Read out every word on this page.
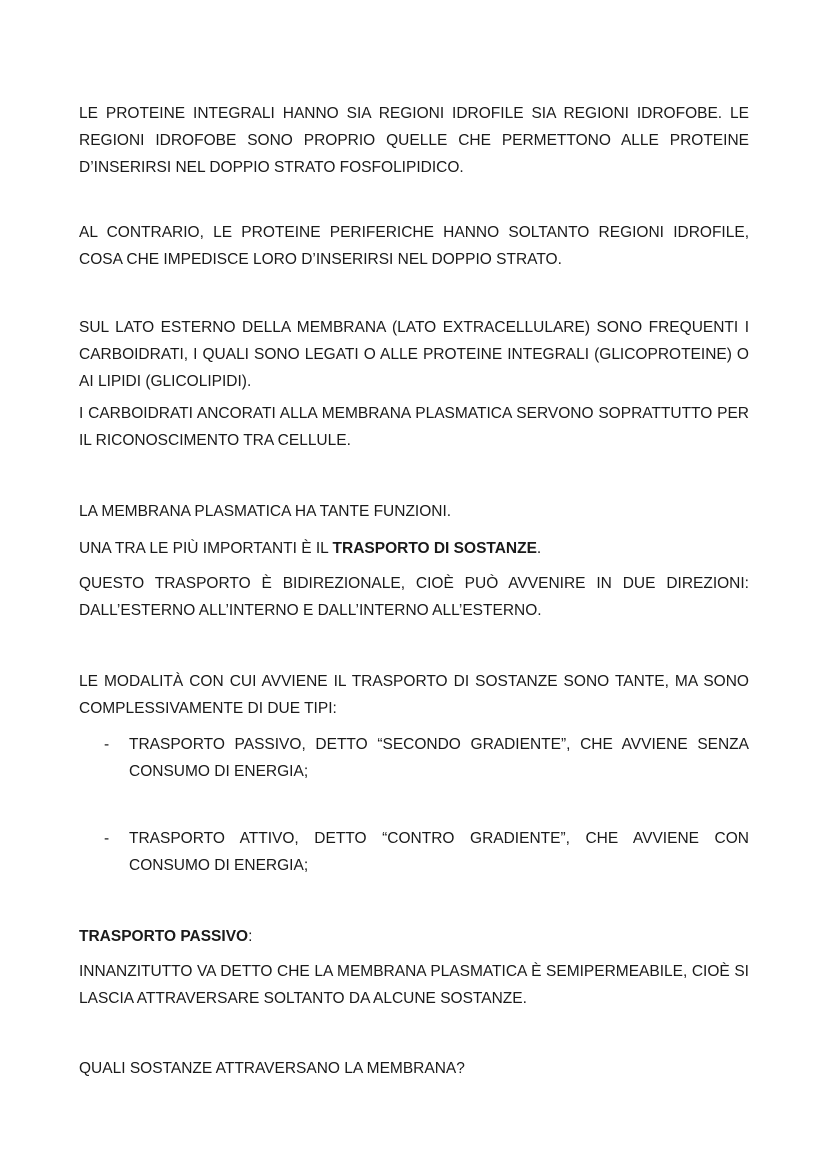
LE PROTEINE INTEGRALI HANNO SIA REGIONI IDROFILE SIA REGIONI IDROFOBE. LE REGIONI IDROFOBE SONO PROPRIO QUELLE CHE PERMETTONO ALLE PROTEINE D’INSERIRSI NEL DOPPIO STRATO FOSFOLIPIDICO.

AL CONTRARIO, LE PROTEINE PERIFERICHE HANNO SOLTANTO REGIONI IDROFILE, COSA CHE IMPEDISCE LORO D’INSERIRSI NEL DOPPIO STRATO.

SUL LATO ESTERNO DELLA MEMBRANA (LATO EXTRACELLULARE) SONO FREQUENTI I CARBOIDRATI, I QUALI SONO LEGATI O ALLE PROTEINE INTEGRALI (GLICOPROTEINE) O AI LIPIDI (GLICOLIPIDI).

I CARBOIDRATI ANCORATI ALLA MEMBRANA PLASMATICA SERVONO SOPRATTUTTO PER IL RICONOSCIMENTO TRA CELLULE.

LA MEMBRANA PLASMATICA HA TANTE FUNZIONI.

UNA TRA LE PIÙ IMPORTANTI È IL TRASPORTO DI SOSTANZE.

QUESTO TRASPORTO È BIDIREZIONALE, CIOÈ PUÒ AVVENIRE IN DUE DIREZIONI: DALL’ESTERNO ALL’INTERNO E DALL’INTERNO ALL’ESTERNO.

LE MODALITÀ CON CUI AVVIENE IL TRASPORTO DI SOSTANZE SONO TANTE, MA SONO COMPLESSIVAMENTE DI DUE TIPI:

- TRASPORTO PASSIVO, DETTO “SECONDO GRADIENTE”, CHE AVVIENE SENZA CONSUMO DI ENERGIA;

- TRASPORTO ATTIVO, DETTO “CONTRO GRADIENTE”, CHE AVVIENE CON CONSUMO DI ENERGIA;

TRASPORTO PASSIVO:

INNANZITUTTO VA DETTO CHE LA MEMBRANA PLASMATICA È SEMIPERMEABILE, CIOÈ SI LASCIA ATTRAVERSARE SOLTANTO DA ALCUNE SOSTANZE.

QUALI SOSTANZE ATTRAVERSANO LA MEMBRANA?
